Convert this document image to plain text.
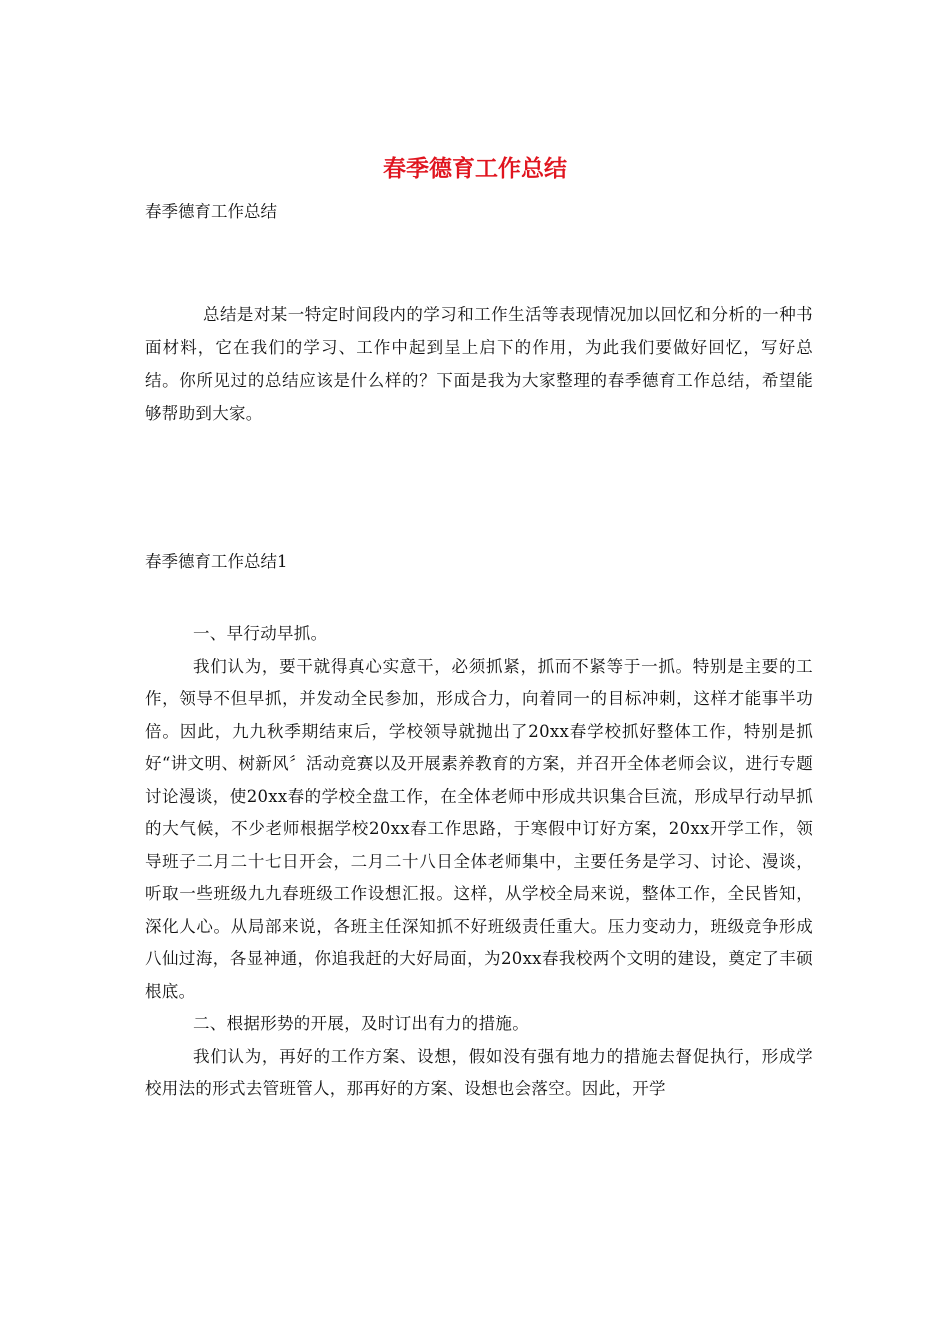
春季德育工作总结

春季德育工作总结

总结是对某一特定时间段内的学习和工作生活等表现情况加以回忆和分析的一种书面材料，它在我们的学习、工作中起到呈上启下的作用，为此我们要做好回忆，写好总结。你所见过的总结应该是什么样的？下面是我为大家整理的春季德育工作总结，希望能够帮助到大家。

春季德育工作总结1

一、早行动早抓。

我们认为，要干就得真心实意干，必须抓紧，抓而不紧等于一抓。特别是主要的工作，领导不但早抓，并发动全民参加，形成合力，向着同一的目标冲刺，这样才能事半功倍。因此，九九秋季期结束后，学校领导就抛出了20xx春学校抓好整体工作，特别是抓好“讲文明、树新风〞活动竞赛以及开展素养教育的方案，并召开全体老师会议，进行专题讨论漫谈，使20xx春的学校全盘工作，在全体老师中形成共识集合巨流，形成早行动早抓的大气候，不少老师根据学校20xx春工作思路，于寒假中订好方案，20xx开学工作，领导班子二月二十七日开会，二月二十八日全体老师集中，主要任务是学习、讨论、漫谈，听取一些班级九九春班级工作设想汇报。这样，从学校全局来说，整体工作，全民皆知，深化人心。从局部来说，各班主任深知抓不好班级责任重大。压力变动力，班级竞争形成八仙过海，各显神通，你追我赶的大好局面，为20xx春我校两个文明的建设，奠定了丰硕根底。

二、根据形势的开展，及时订出有力的措施。

我们认为，再好的工作方案、设想，假如没有强有地力的措施去督促执行，形成学校用法的形式去管班管人，那再好的方案、设想也会落空。因此，开学
